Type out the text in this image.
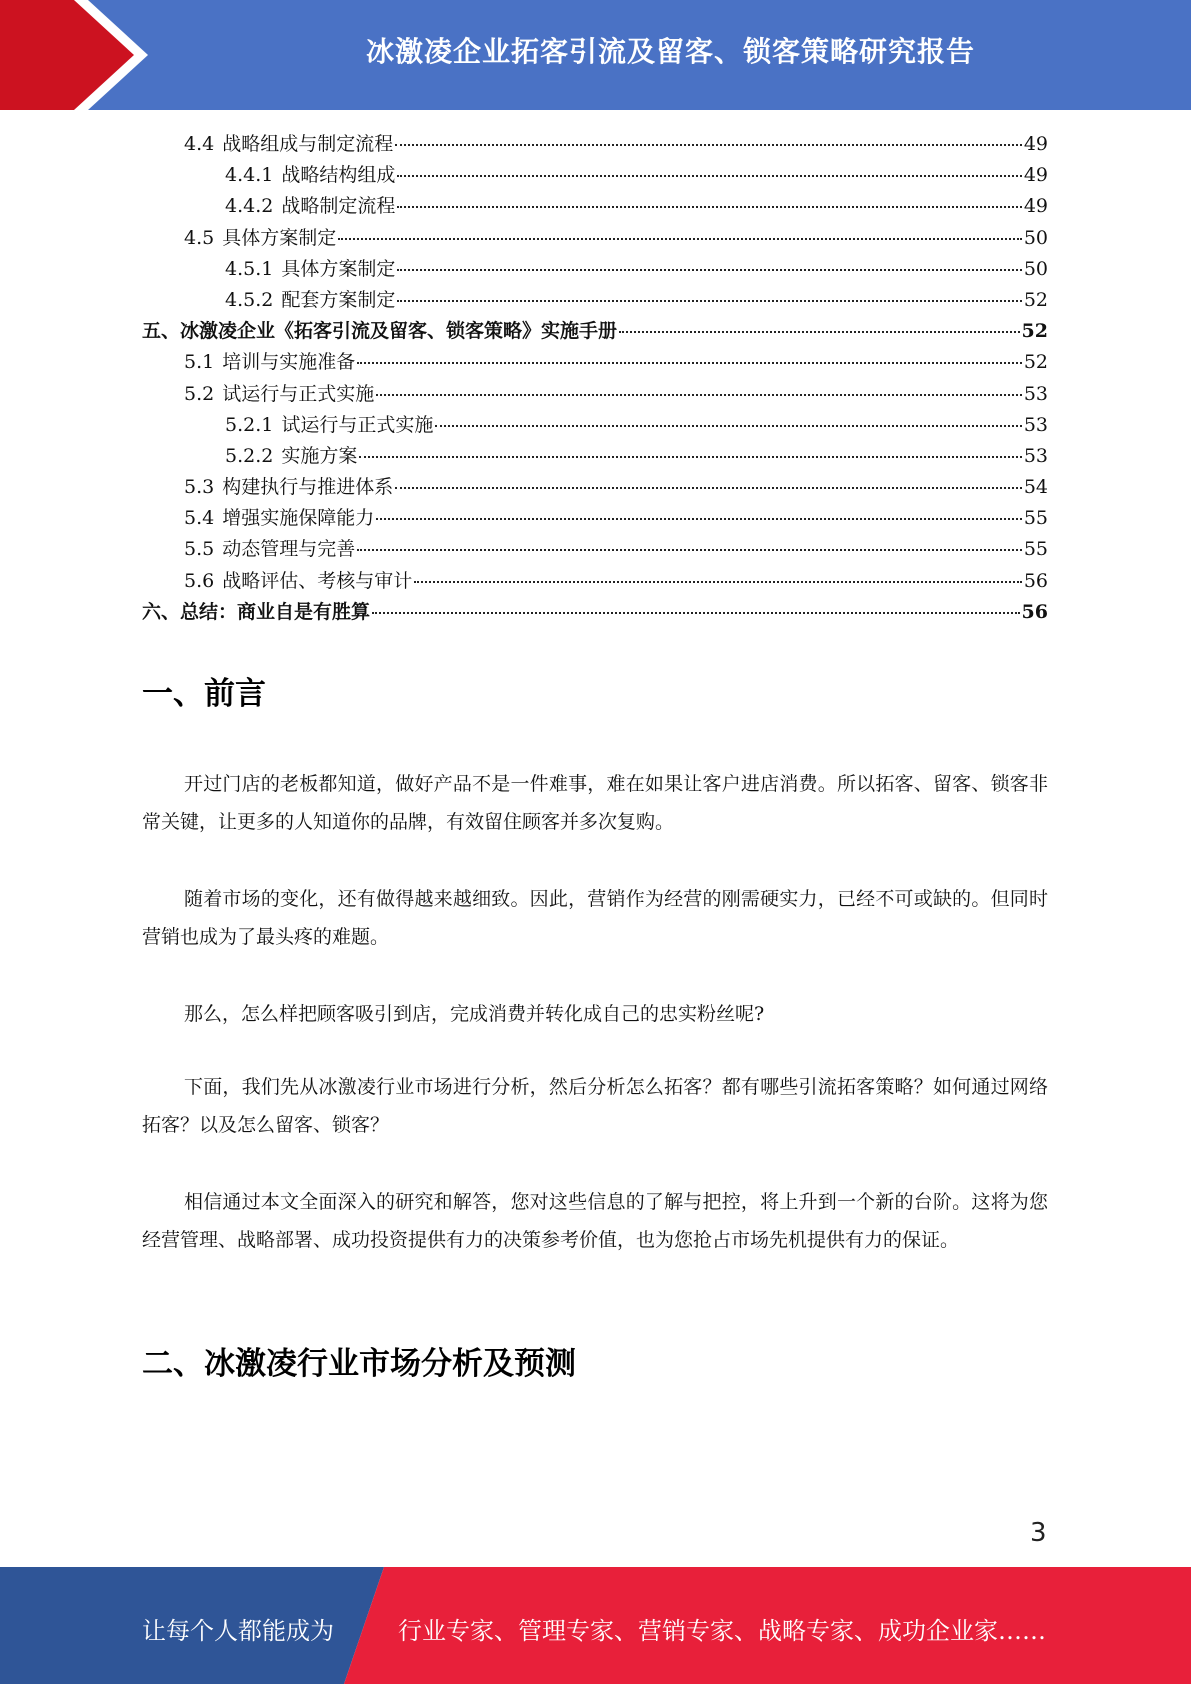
冰激凌企业拓客引流及留客、锁客策略研究报告
4.4 战略组成与制定流程	49
4.4.1 战略结构组成	49
4.4.2 战略制定流程	49
4.5 具体方案制定	50
4.5.1 具体方案制定	50
4.5.2 配套方案制定	52
五、 冰激凌企业《拓客引流及留客、锁客策略》实施手册	52
5.1 培训与实施准备	52
5.2 试运行与正式实施	53
5.2.1 试运行与正式实施	53
5.2.2 实施方案	53
5.3 构建执行与推进体系	54
5.4 增强实施保障能力	55
5.5 动态管理与完善	55
5.6 战略评估、考核与审计	56
六、 总结：商业自是有胜算	56
一、前言
开过门店的老板都知道，做好产品不是一件难事，难在如果让客户进店消费。所以拓客、留客、锁客非常关键，让更多的人知道你的品牌，有效留住顾客并多次复购。
随着市场的变化，还有做得越来越细致。因此，营销作为经营的刚需硬实力，已经不可或缺的。但同时营销也成为了最头疼的难题。
那么，怎么样把顾客吸引到店，完成消费并转化成自己的忠实粉丝呢?
下面，我们先从冰激凌行业市场进行分析，然后分析怎么拓客？都有哪些引流拓客策略？如何通过网络拓客？以及怎么留客、锁客？
相信通过本文全面深入的研究和解答，您对这些信息的了解与把控，将上升到一个新的台阶。这将为您经营管理、战略部署、成功投资提供有力的决策参考价值，也为您抢占市场先机提供有力的保证。
二、冰激凌行业市场分析及预测
3
让每个人都能成为	行业专家、管理专家、营销专家、战略专家、成功企业家……
